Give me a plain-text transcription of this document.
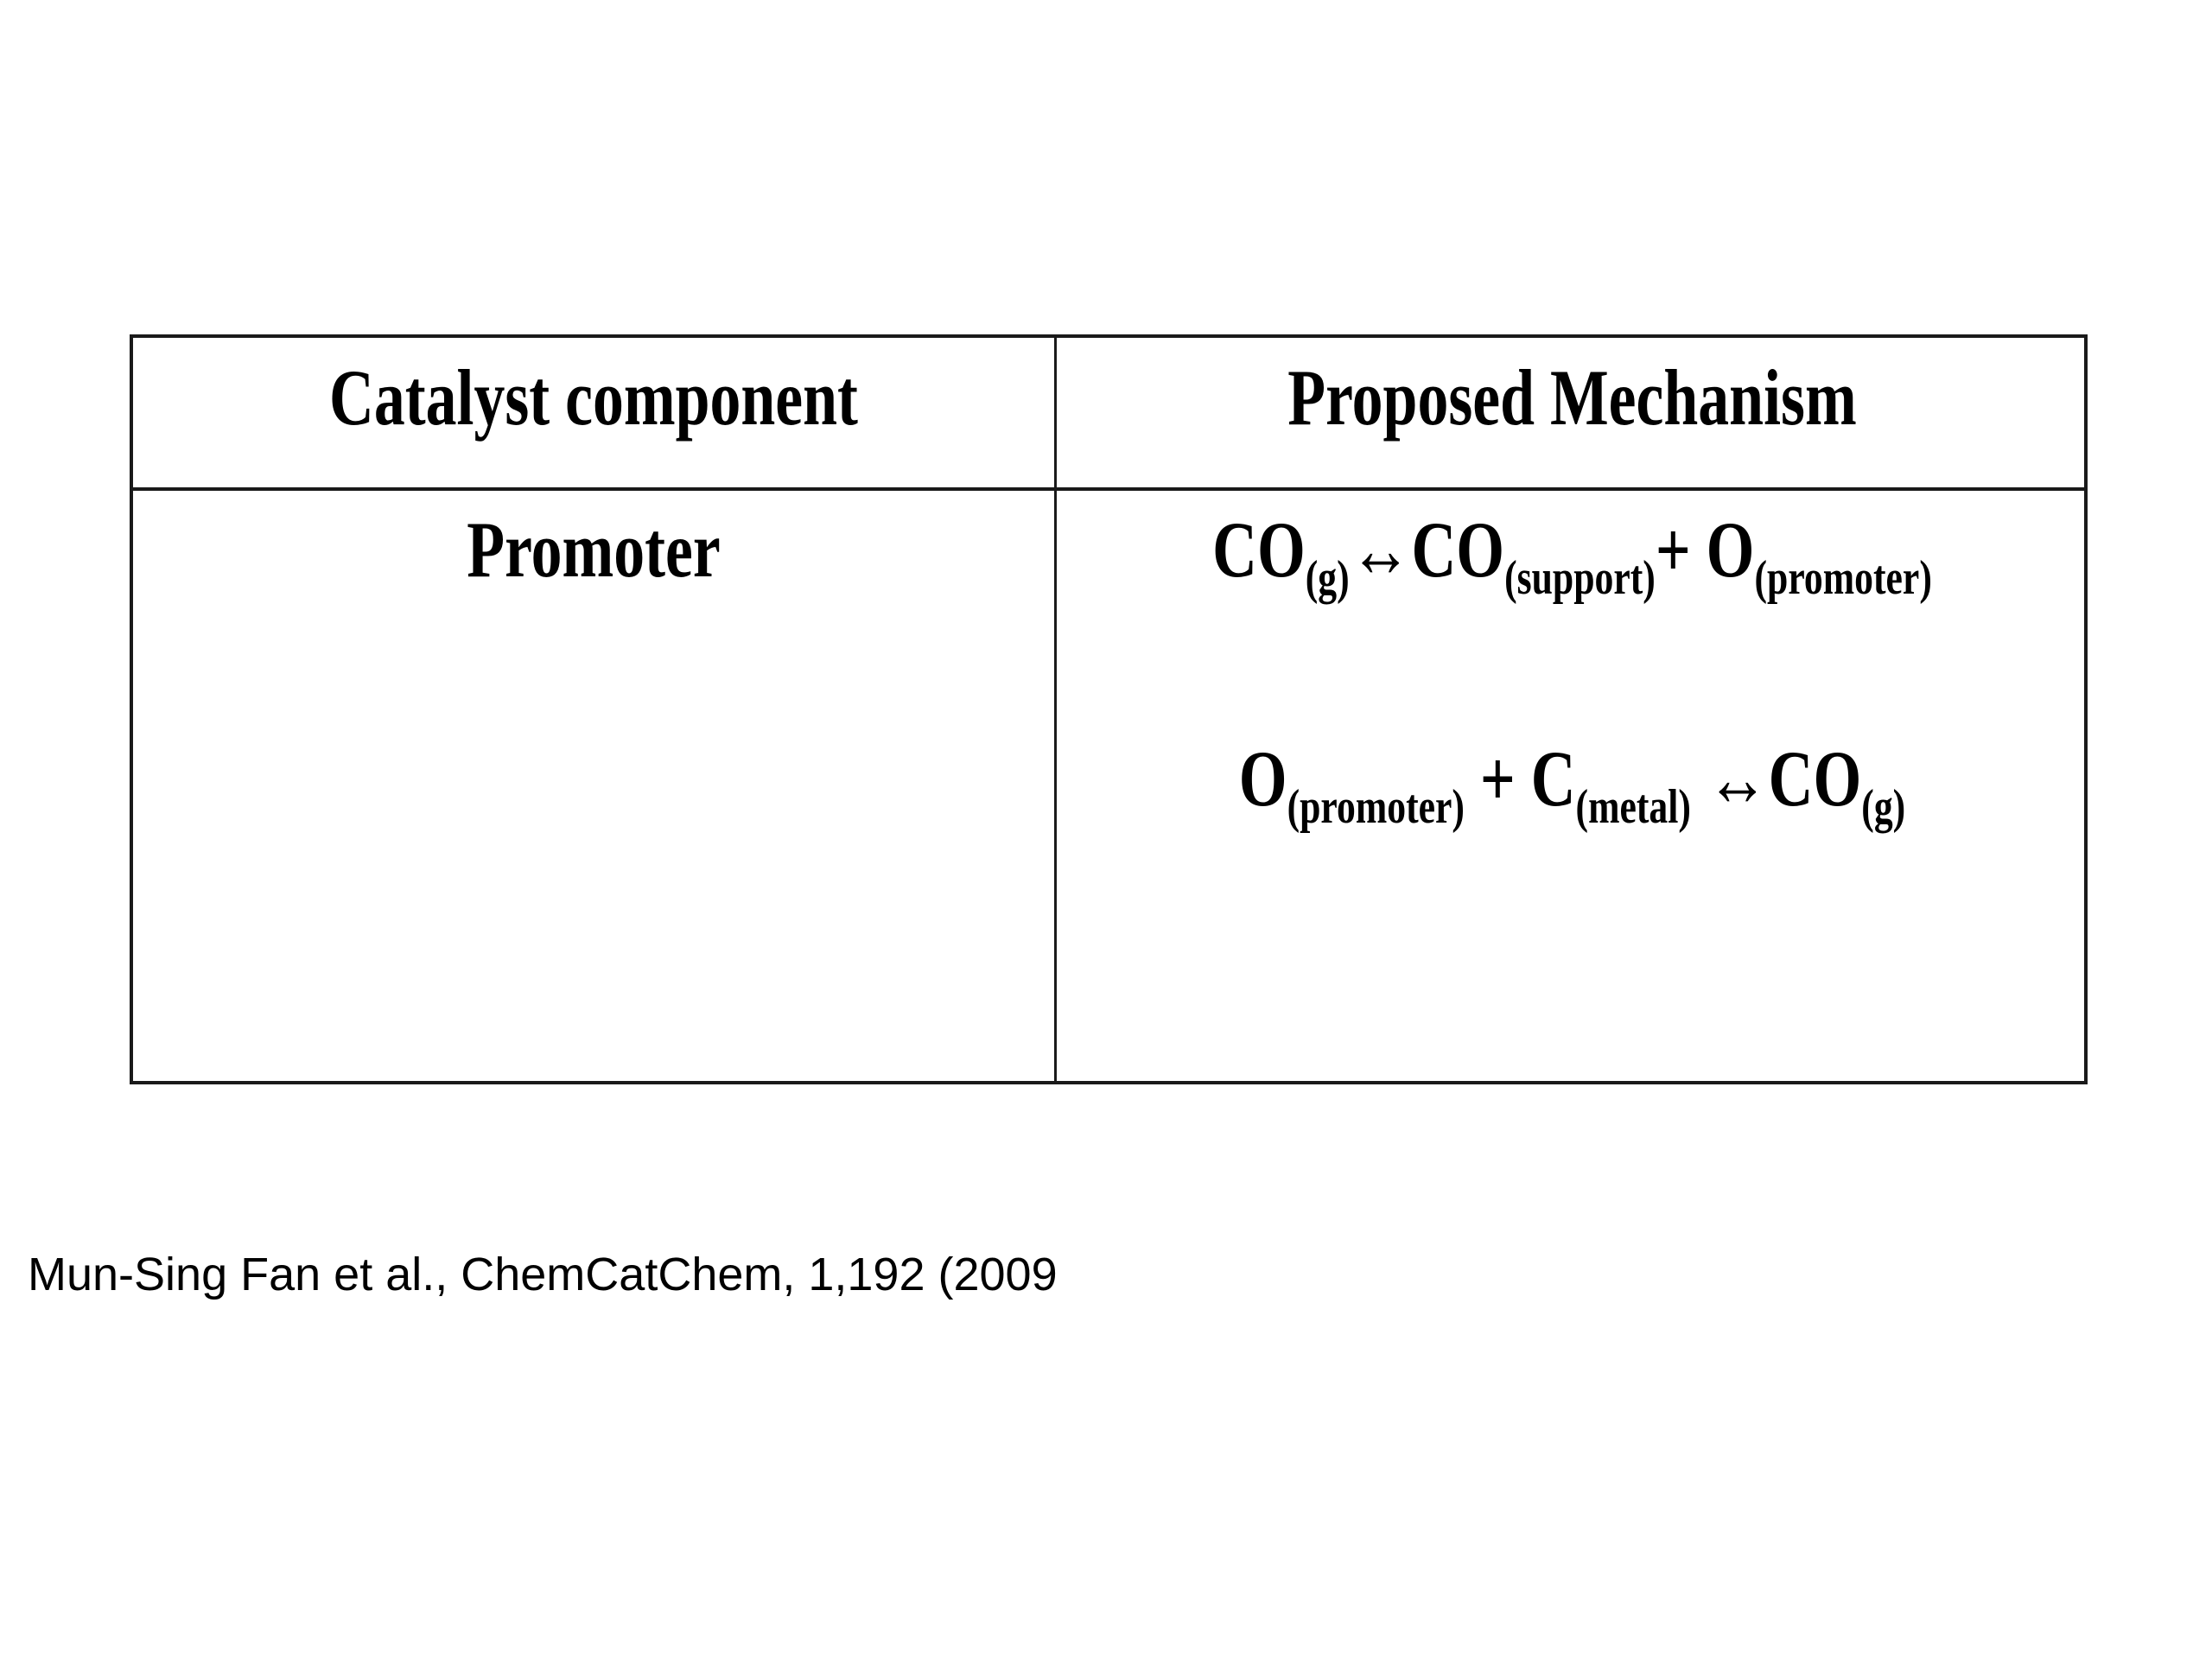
Catalyst component	Proposed Mechanism
Promoter	$CO_{(g)}\leftrightarrow CO_{(support)}+ O_{(promoter)}$
$O_{(promoter)} + C_{(metal)}$ $\leftrightarrow CO_{(g)}$
Mun-Sing Fan et al., ChemCatChem, 1,192 (2009
